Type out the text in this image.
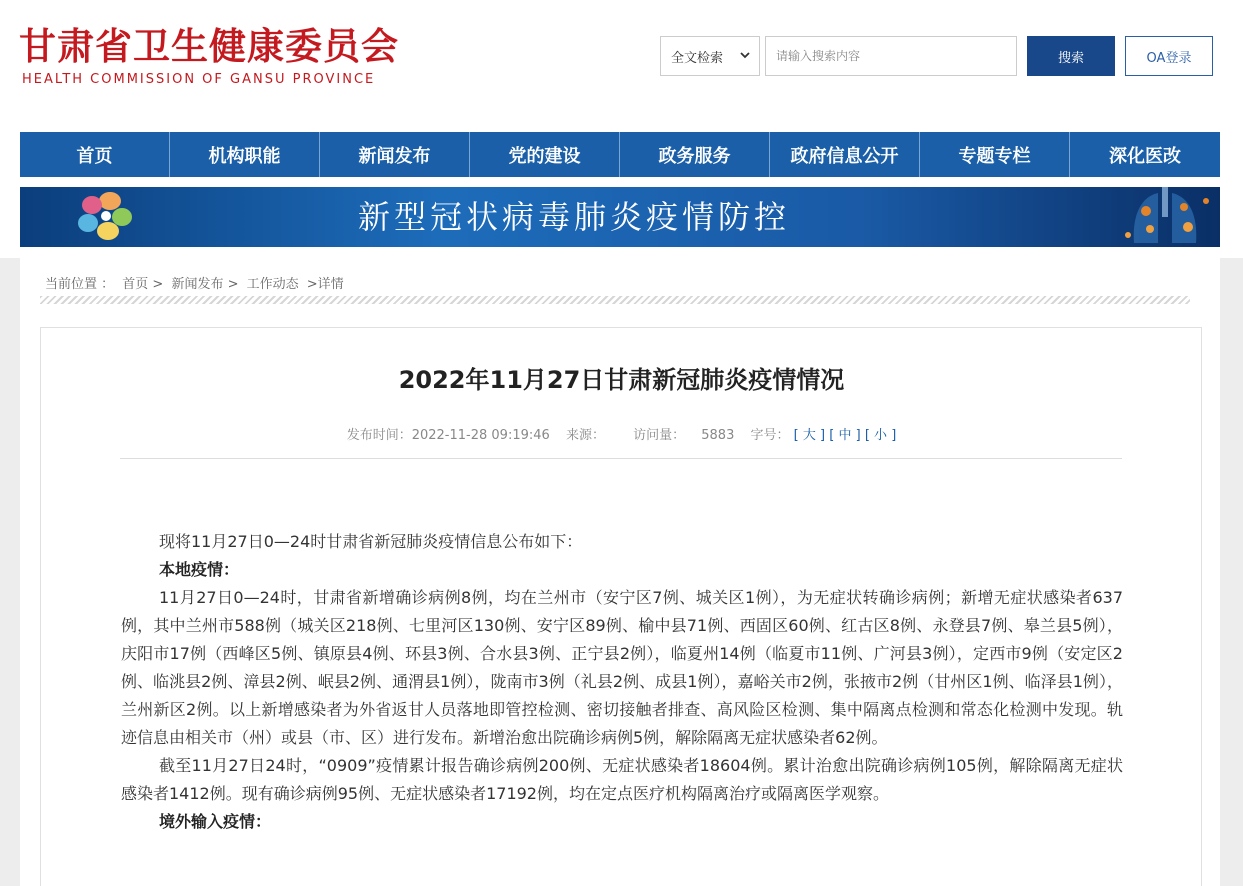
甘肃省卫生健康委员会
HEALTH COMMISSION OF GANSU PROVINCE
全文检索
请输入搜索内容	搜索	OA登录
首页	机构职能	新闻发布	党的建设	政务服务	政府信息公开	专题专栏	深化医改
新型冠状病毒肺炎疫情防控
当前位置 ： 首页 > 新闻发布 > 工作动态 >详情
2022年11月27日甘肃新冠肺炎疫情情况
发布时间：2022-11-28 09:19:46 来源： 访问量： 5883 字号： [ 大 ] [ 中 ] [ 小 ]

现将11月27日0—24时甘肃省新冠肺炎疫情信息公布如下：

本地疫情：

11月27日0—24时，甘肃省新增确诊病例8例，均在兰州市（安宁区7例、城关区1例），为无症状转确诊病例；新增无症状感染者637例，其中兰州市588例（城关区218例、七里河区130例、安宁区89例、榆中县71例、西固区60例、红古区8例、永登县7例、皋兰县5例），庆阳市17例（西峰区5例、镇原县4例、环县3例、合水县3例、正宁县2例），临夏州14例（临夏市11例、广河县3例），定西市9例（安定区2例、临洮县2例、漳县2例、岷县2例、通渭县1例），陇南市3例（礼县2例、成县1例），嘉峪关市2例，张掖市2例（甘州区1例、临泽县1例），兰州新区2例。以上新增感染者为外省返甘人员落地即管控检测、密切接触者排查、高风险区检测、集中隔离点检测和常态化检测中发现。轨迹信息由相关市（州）或县（市、区）进行发布。新增治愈出院确诊病例5例，解除隔离无症状感染者62例。

截至11月27日24时，“0909”疫情累计报告确诊病例200例、无症状感染者18604例。累计治愈出院确诊病例105例，解除隔离无症状感染者1412例。现有确诊病例95例、无症状感染者17192例，均在定点医疗机构隔离治疗或隔离医学观察。

境外输入疫情：
